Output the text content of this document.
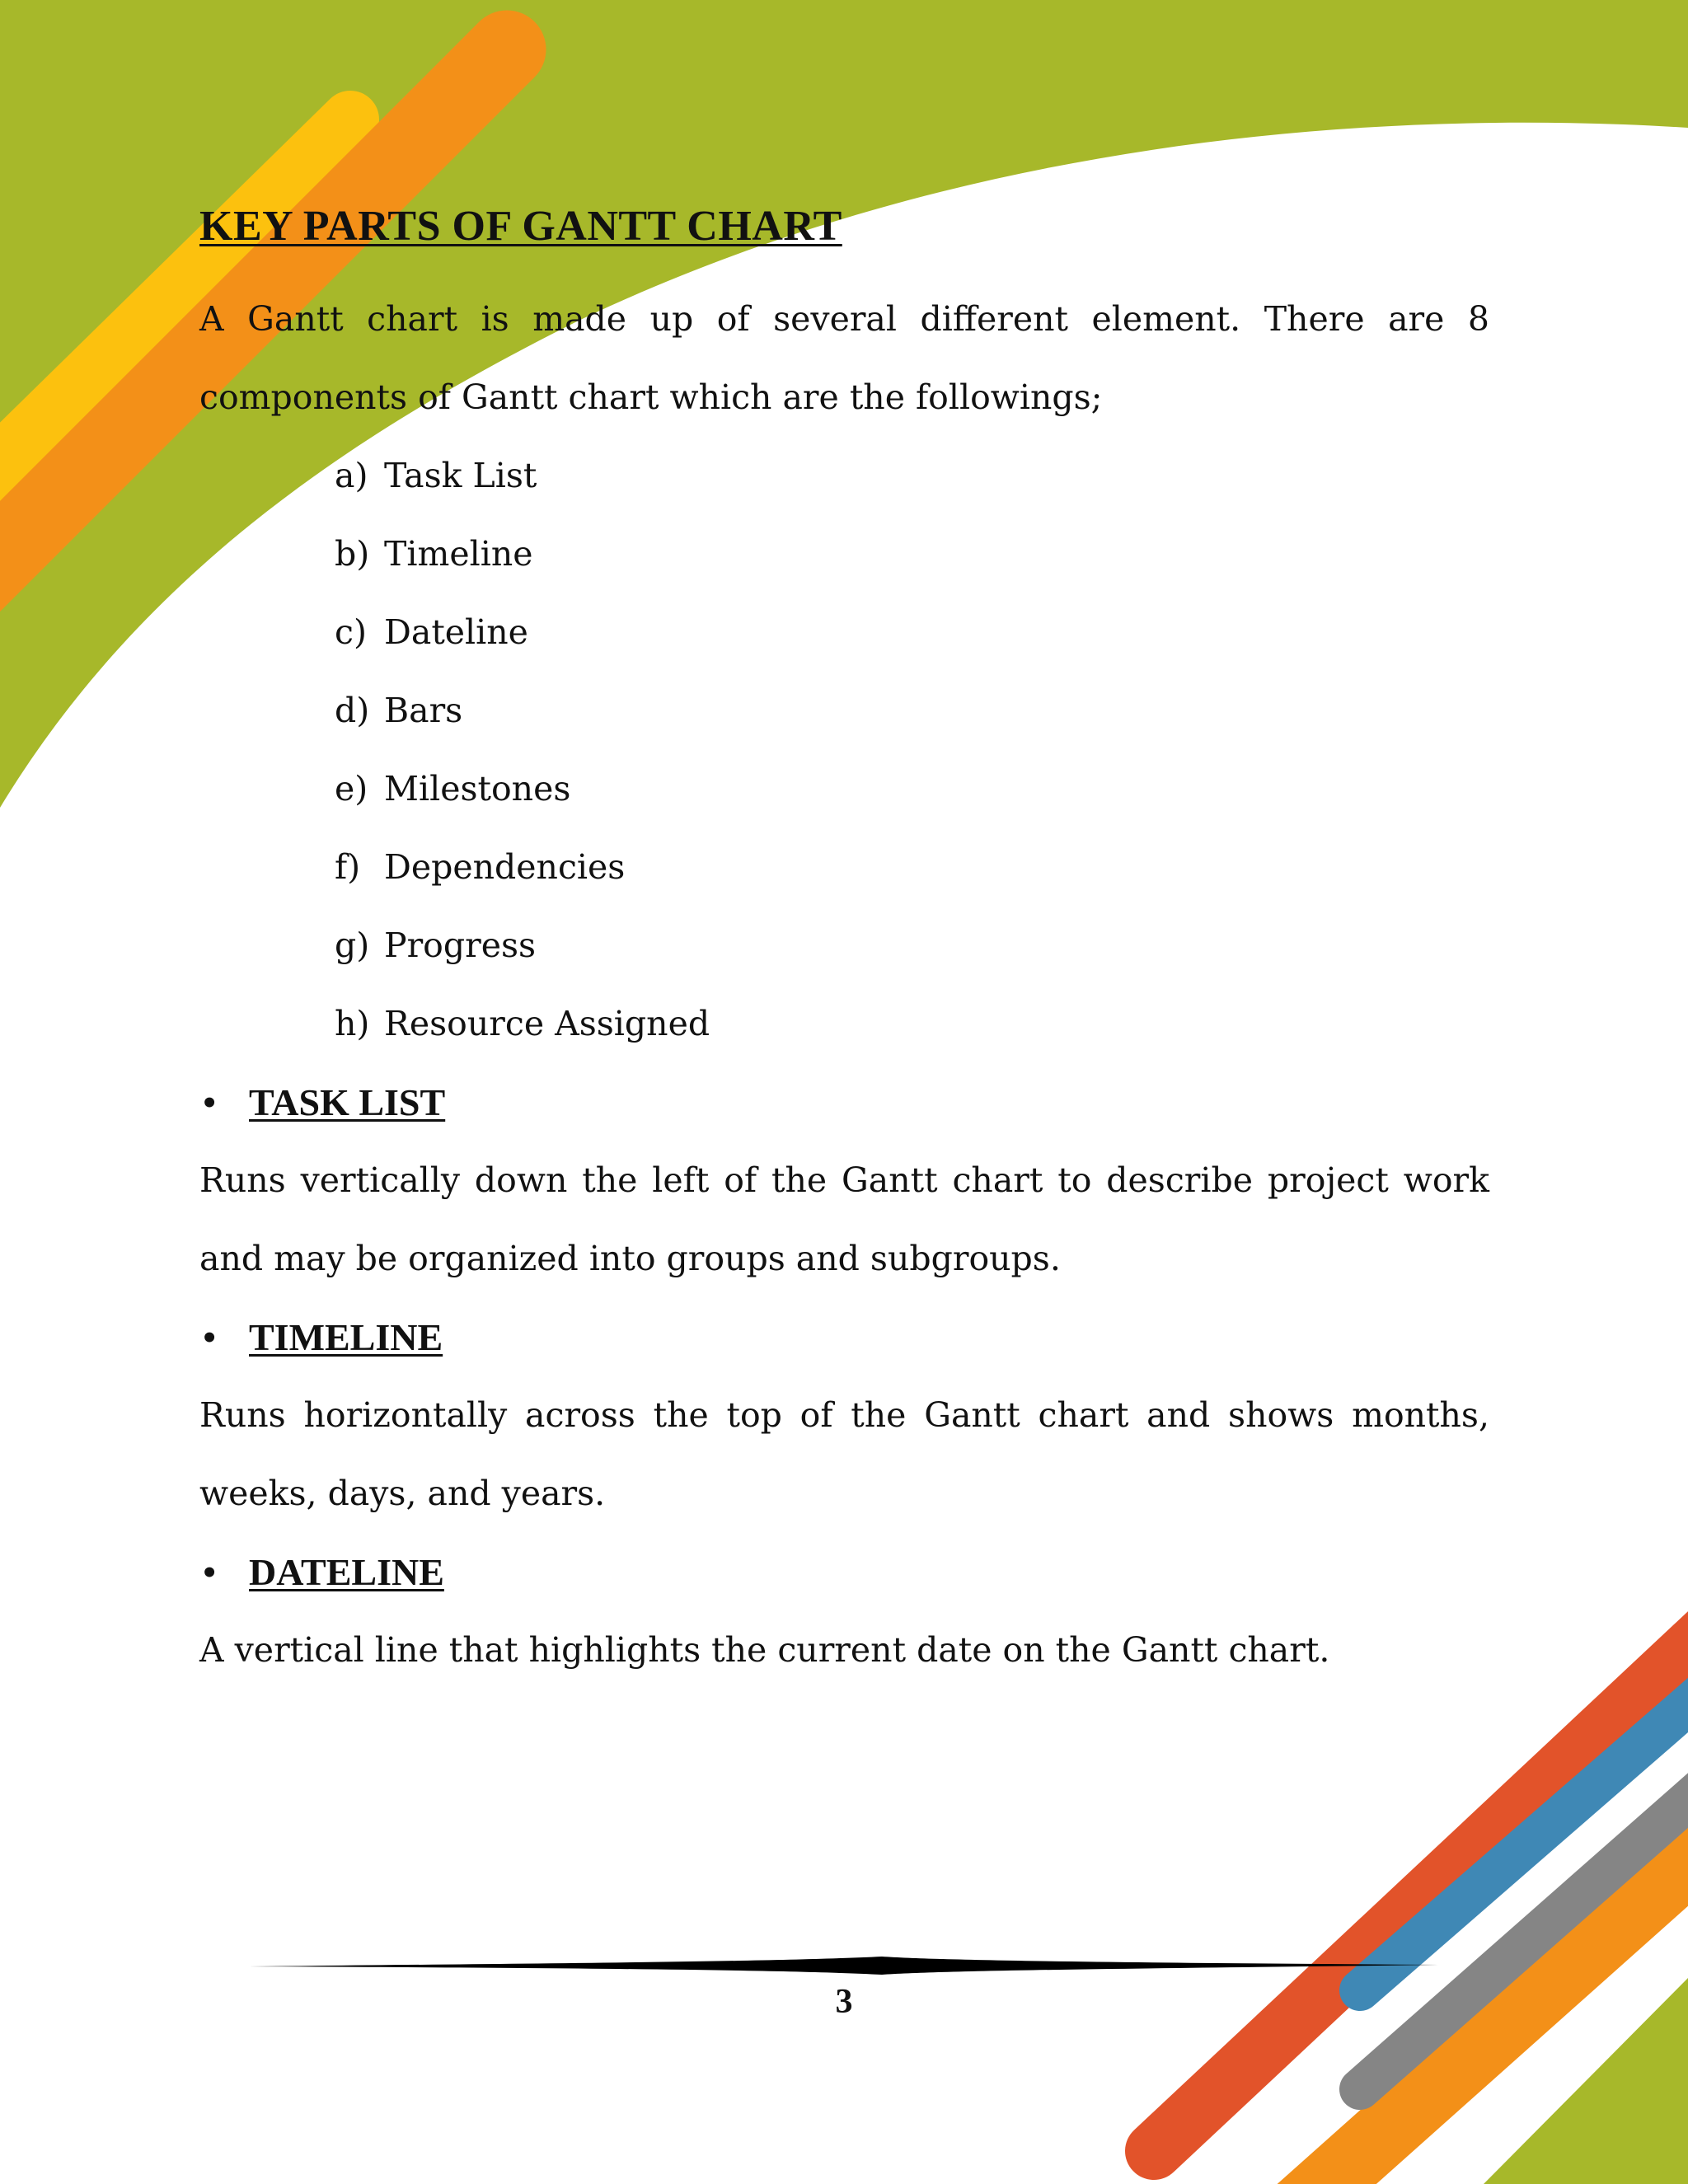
KEY PARTS OF GANTT CHART

A Gantt chart is made up of several different element. There are 8 components of Gantt chart which are the followings;

a) Task List
b) Timeline
c) Dateline
d) Bars
e) Milestones
f) Dependencies
g) Progress
h) Resource Assigned
• TASK LIST

Runs vertically down the left of the Gantt chart to describe project work and may be organized into groups and subgroups.

• TIMELINE

Runs horizontally across the top of the Gantt chart and shows months, weeks, days, and years.

• DATELINE

A vertical line that highlights the current date on the Gantt chart.

3
